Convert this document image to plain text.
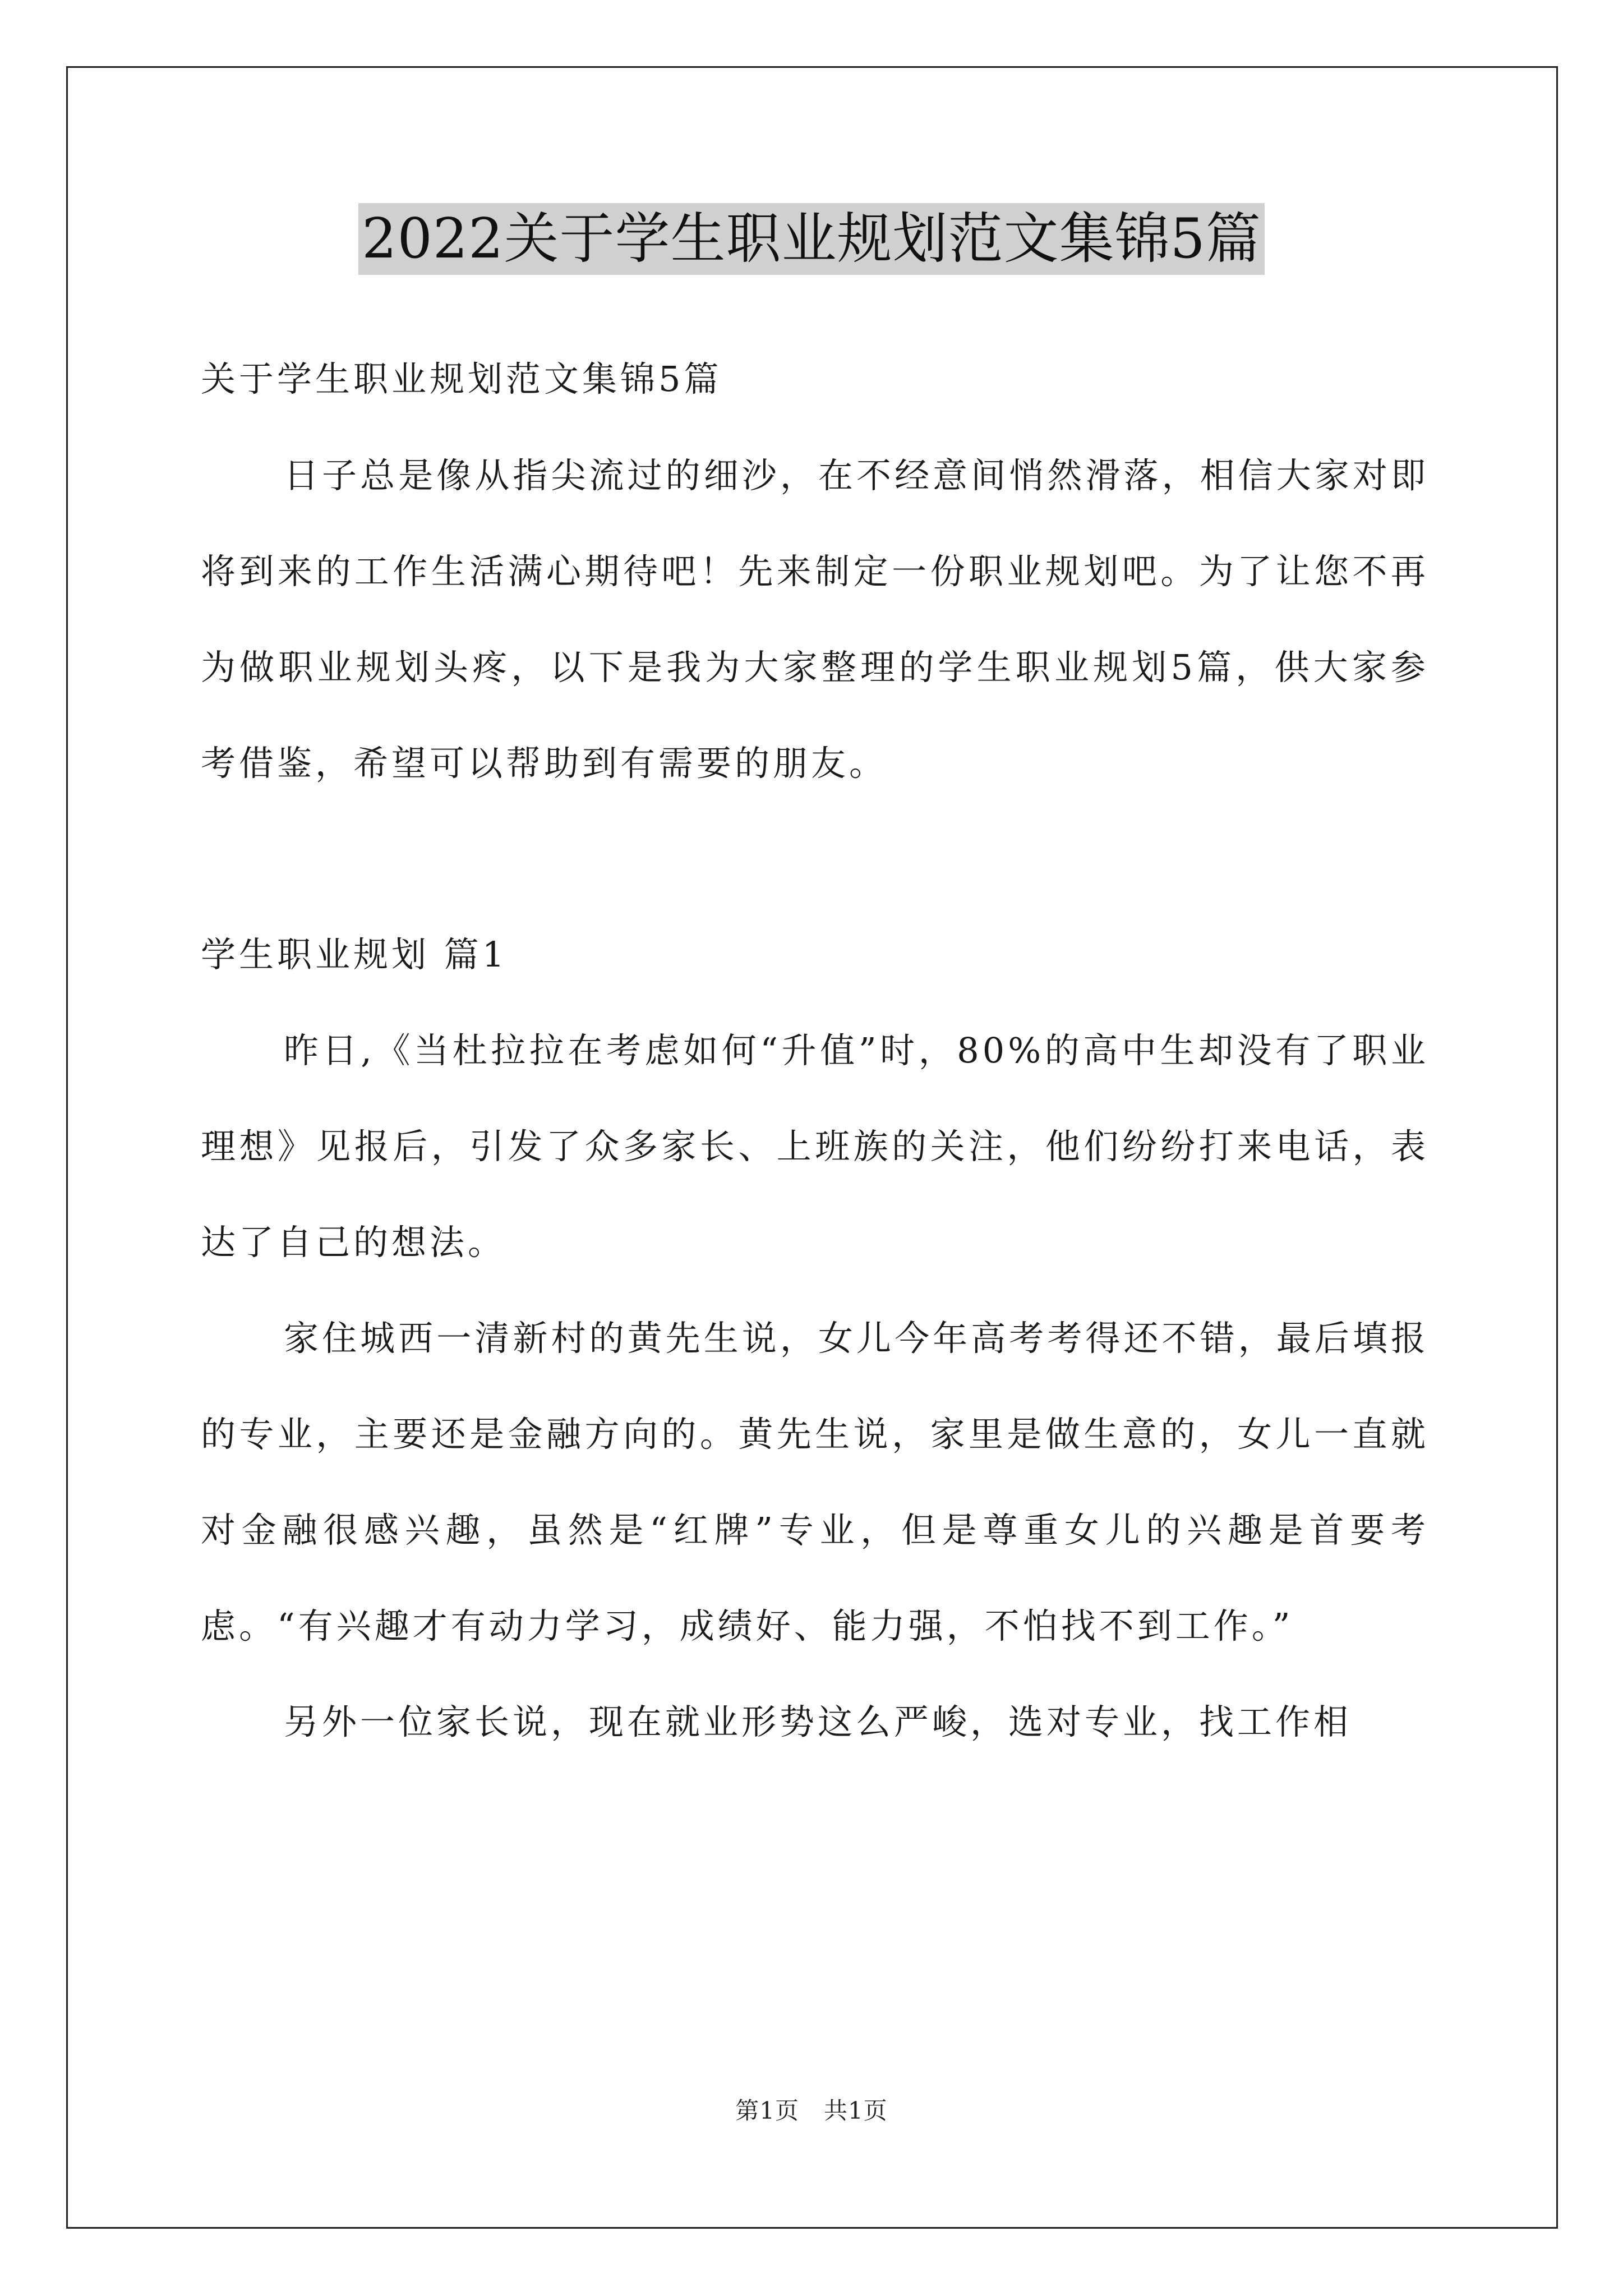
2022关于学生职业规划范文集锦5篇

关于学生职业规划范文集锦5篇

日子总是像从指尖流过的细沙，在不经意间悄然滑落，相信大家对即将到来的工作生活满心期待吧！先来制定一份职业规划吧。为了让您不再为做职业规划头疼，以下是我为大家整理的学生职业规划5篇，供大家参考借鉴，希望可以帮助到有需要的朋友。

学生职业规划 篇1

昨日,《当杜拉拉在考虑如何“升值”时，80%的高中生却没有了职业理想》见报后，引发了众多家长、上班族的关注，他们纷纷打来电话，表达了自己的想法。

家住城西一清新村的黄先生说，女儿今年高考考得还不错，最后填报的专业，主要还是金融方向的。黄先生说，家里是做生意的，女儿一直就对金融很感兴趣，虽然是“红牌”专业，但是尊重女儿的兴趣是首要考虑。“有兴趣才有动力学习，成绩好、能力强，不怕找不到工作。”

另外一位家长说，现在就业形势这么严峻，选对专业，找工作相

第1页 共1页
